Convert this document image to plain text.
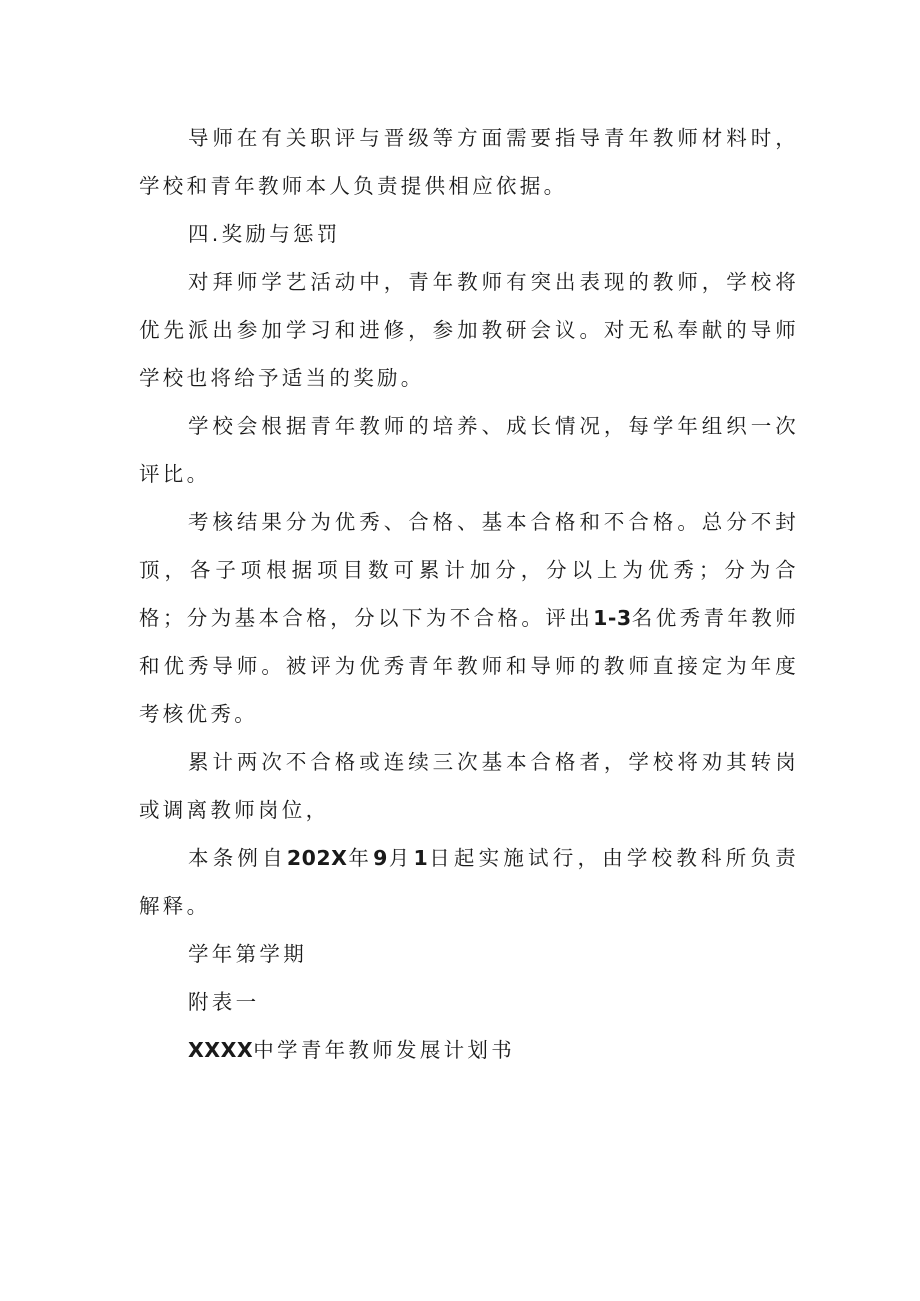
导师在有关职评与晋级等方面需要指导青年教师材料时，学校和青年教师本人负责提供相应依据。

四.奖励与惩罚

对拜师学艺活动中，青年教师有突出表现的教师，学校将优先派出参加学习和进修，参加教研会议。对无私奉献的导师学校也将给予适当的奖励。

学校会根据青年教师的培养、成长情况，每学年组织一次评比。

考核结果分为优秀、合格、基本合格和不合格。总分不封顶，各子项根据项目数可累计加分，分以上为优秀；分为合格；分为基本合格，分以下为不合格。评出1-3名优秀青年教师和优秀导师。被评为优秀青年教师和导师的教师直接定为年度考核优秀。

累计两次不合格或连续三次基本合格者，学校将劝其转岗或调离教师岗位，

本条例自202X年9月1日起实施试行，由学校教科所负责解释。

学年第学期

附表一

XXXX中学青年教师发展计划书
